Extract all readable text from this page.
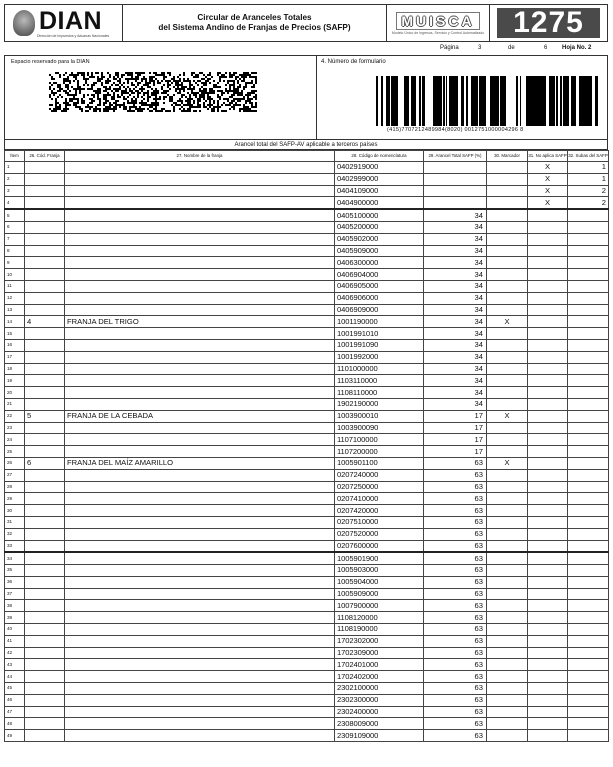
DIAN
Dirección de Impuestos y Aduanas Nacionales
Circular de Aranceles Totales
del Sistema Andino de Franjas de Precios (SAFP)	MUISCA
Modelo Único de Ingresos, Servicio y Control Automatizado 1275
Página	3	de	6 Hoja No. 2
Espacio reservado para la DIAN	4. Número de formulario
(415)7707212489984(8020) 0012751000004296 8
Arancel total del SAFP-AV aplicable a terceros países
Ítem	26. Cód. Franja	27. Nombre de la franja	28. Código de nomenclatura	29. Arancel Total SAFP (%)	30. Marcador	31. No aplica SAFP	32. Subas del SAFP
1			0402919000			X	1
2			0402999000			X	1
3			0404109000			X	2
4			0404900000			X	2
5			0405100000	34			
6			0405200000	34			
7			0405902000	34			
8			0405909000	34			
9			0406300000	34			
10			0406904000	34			
11			0406905000	34			
12			0406906000	34			
13			0406909000	34			
14	4	FRANJA DEL TRIGO	1001190000	34	X		
15			1001991010	34			
16			1001991090	34			
17			1001992000	34			
18			1101000000	34			
19			1103110000	34			
20			1108110000	34			
21			1902190000	34			
22	5	FRANJA DE LA CEBADA	1003900010	17	X		
23			1003900090	17			
24			1107100000	17			
25			1107200000	17			
26	6	FRANJA DEL MAÍZ AMARILLO	1005901100	63	X		
27			0207240000	63			
28			0207250000	63			
29			0207410000	63			
30			0207420000	63			
31			0207510000	63			
32			0207520000	63			
33			0207600000	63			
34			1005901900	63			
35			1005903000	63			
36			1005904000	63			
37			1005909000	63			
38			1007900000	63			
39			1108120000	63			
40			1108190000	63			
41			1702302000	63			
42			1702309000	63			
43			1702401000	63			
44			1702402000	63			
45			2302100000	63			
46			2302300000	63			
47			2302400000	63			
48			2308009000	63			
49			2309109000	63			
